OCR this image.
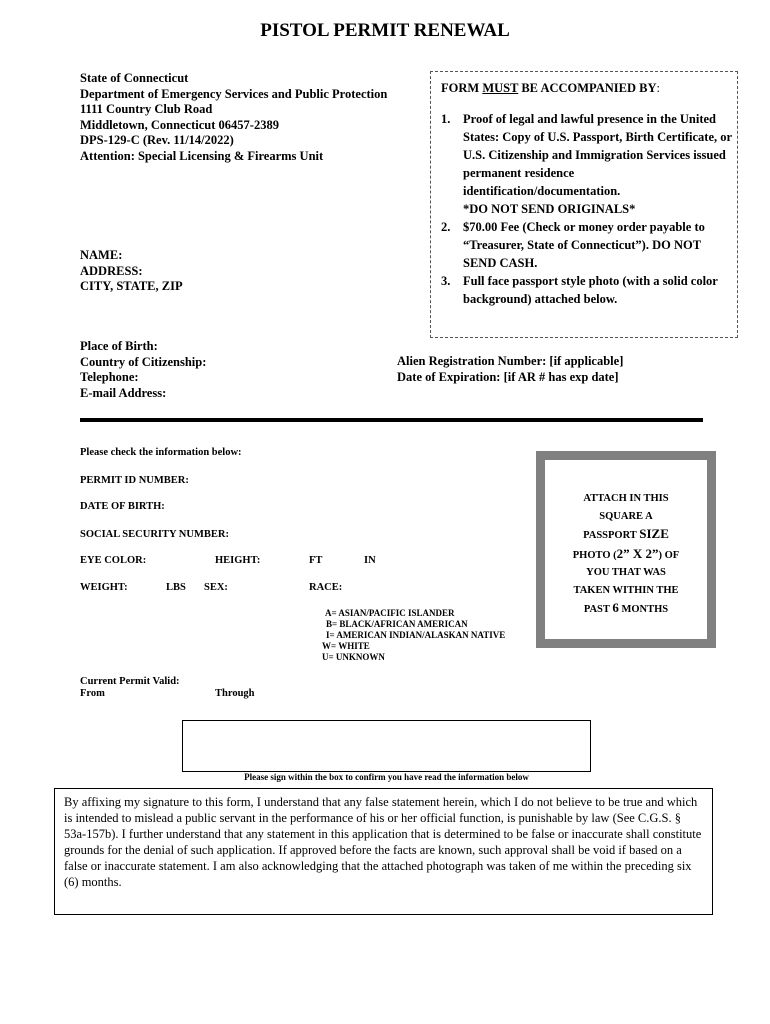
PISTOL PERMIT RENEWAL
State of Connecticut
Department of Emergency Services and Public Protection
1111 Country Club Road
Middletown, Connecticut 06457-2389
DPS-129-C (Rev. 11/14/2022)
Attention: Special Licensing & Firearms Unit
FORM MUST BE ACCOMPANIED BY:
1.	Proof of legal and lawful presence in the United States: Copy of U.S. Passport, Birth Certificate, or U.S. Citizenship and Immigration Services issued permanent residence identification/documentation.
*DO NOT SEND ORIGINALS*
2.	$70.00 Fee (Check or money order payable to “Treasurer, State of Connecticut”). DO NOT SEND CASH.
3.	Full face passport style photo (with a solid color background) attached below.
NAME:
ADDRESS:
CITY, STATE, ZIP
Place of Birth:
Country of Citizenship:
Telephone:
E-mail Address:
Alien Registration Number: [if applicable]
Date of Expiration: [if AR # has exp date]
Please check the information below:
PERMIT ID NUMBER:
DATE OF BIRTH:
SOCIAL SECURITY NUMBER:
EYE COLOR:	HEIGHT:	FT	IN
WEIGHT:	LBS SEX:	RACE:
A= ASIAN/PACIFIC ISLANDER
B= BLACK/AFRICAN AMERICAN
I= AMERICAN INDIAN/ALASKAN NATIVE
W= WHITE
U= UNKNOWN
Current Permit Valid:
From	Through
ATTACH IN THIS
SQUARE A
PASSPORT SIZE
PHOTO (2” X 2”) OF
YOU THAT WAS
TAKEN WITHIN THE
PAST 6 MONTHS
Please sign within the box to confirm you have read the information below
By affixing my signature to this form, I understand that any false statement herein, which I do not believe to be true and which is intended to mislead a public servant in the performance of his or her official function, is punishable by law (See C.G.S. § 53a-157b). I further understand that any statement in this application that is determined to be false or inaccurate shall constitute grounds for the denial of such application. If approved before the facts are known, such approval shall be void if based on a false or inaccurate statement. I am also acknowledging that the attached photograph was taken of me within the preceding six (6) months.
